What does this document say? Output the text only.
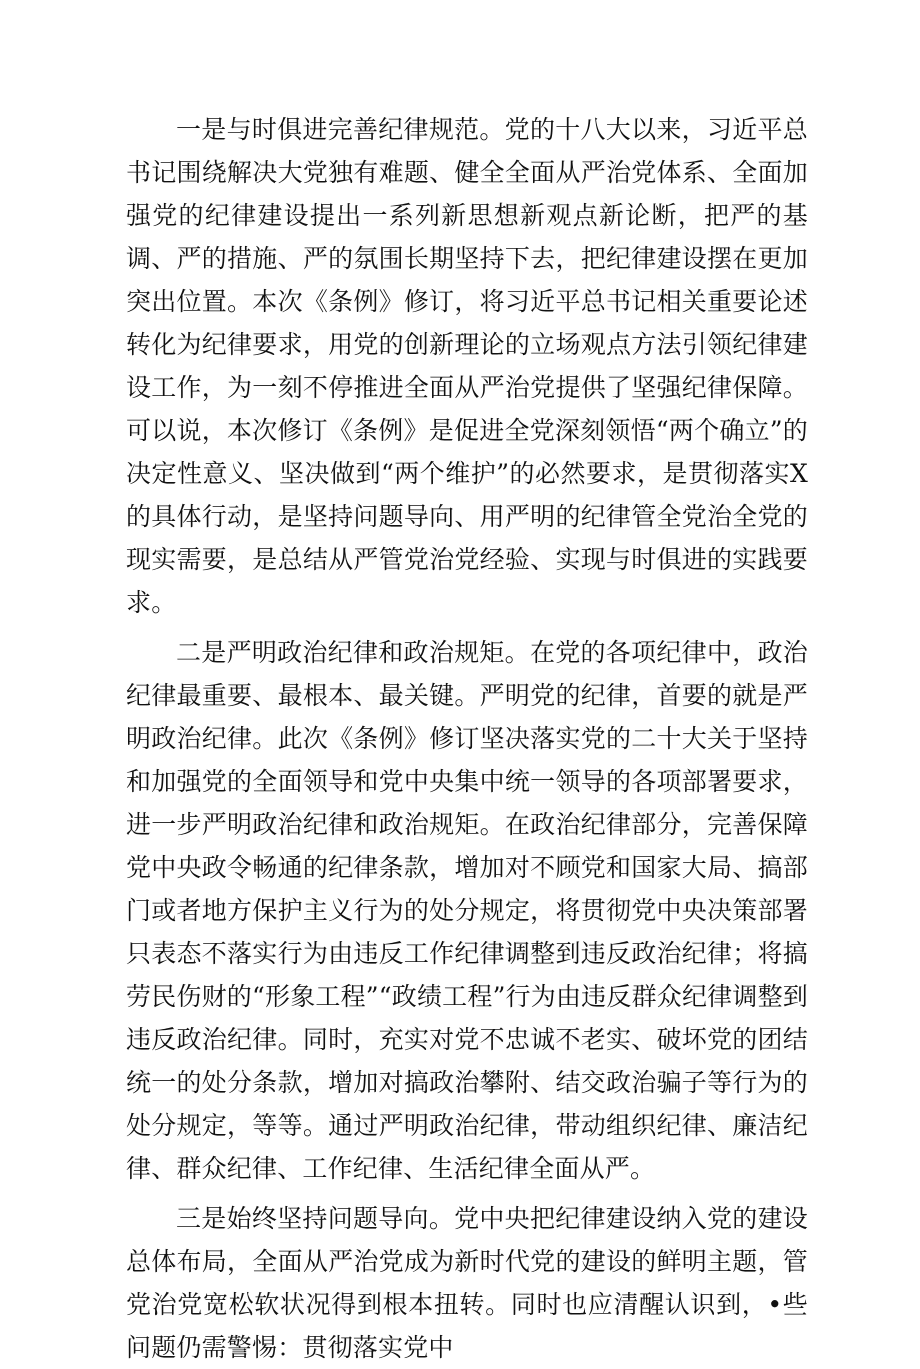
一是与时俱进完善纪律规范。党的十八大以来，习近平总书记围绕解决大党独有难题、健全全面从严治党体系、全面加强党的纪律建设提出一系列新思想新观点新论断，把严的基调、严的措施、严的氛围长期坚持下去，把纪律建设摆在更加突出位置。本次《条例》修订，将习近平总书记相关重要论述转化为纪律要求，用党的创新理论的立场观点方法引领纪律建设工作，为一刻不停推进全面从严治党提供了坚强纪律保障。可以说，本次修订《条例》是促进全党深刻领悟“两个确立”的决定性意义、坚决做到“两个维护”的必然要求，是贯彻落实X的具体行动，是坚持问题导向、用严明的纪律管全党治全党的现实需要，是总结从严管党治党经验、实现与时俱进的实践要求。

二是严明政治纪律和政治规矩。在党的各项纪律中，政治纪律最重要、最根本、最关键。严明党的纪律，首要的就是严明政治纪律。此次《条例》修订坚决落实党的二十大关于坚持和加强党的全面领导和党中央集中统一领导的各项部署要求，进一步严明政治纪律和政治规矩。在政治纪律部分，完善保障党中央政令畅通的纪律条款，增加对不顾党和国家大局、搞部门或者地方保护主义行为的处分规定，将贯彻党中央决策部署只表态不落实行为由违反工作纪律调整到违反政治纪律；将搞劳民伤财的“形象工程”“政绩工程”行为由违反群众纪律调整到违反政治纪律。同时，充实对党不忠诚不老实、破坏党的团结统一的处分条款，增加对搞政治攀附、结交政治骗子等行为的处分规定，等等。通过严明政治纪律，带动组织纪律、廉洁纪律、群众纪律、工作纪律、生活纪律全面从严。

三是始终坚持问题导向。党中央把纪律建设纳入党的建设总体布局，全面从严治党成为新时代党的建设的鲜明主题，管党治党宽松软状况得到根本扭转。同时也应清醒认识到，•些问题仍需警惕：贯彻落实党中
